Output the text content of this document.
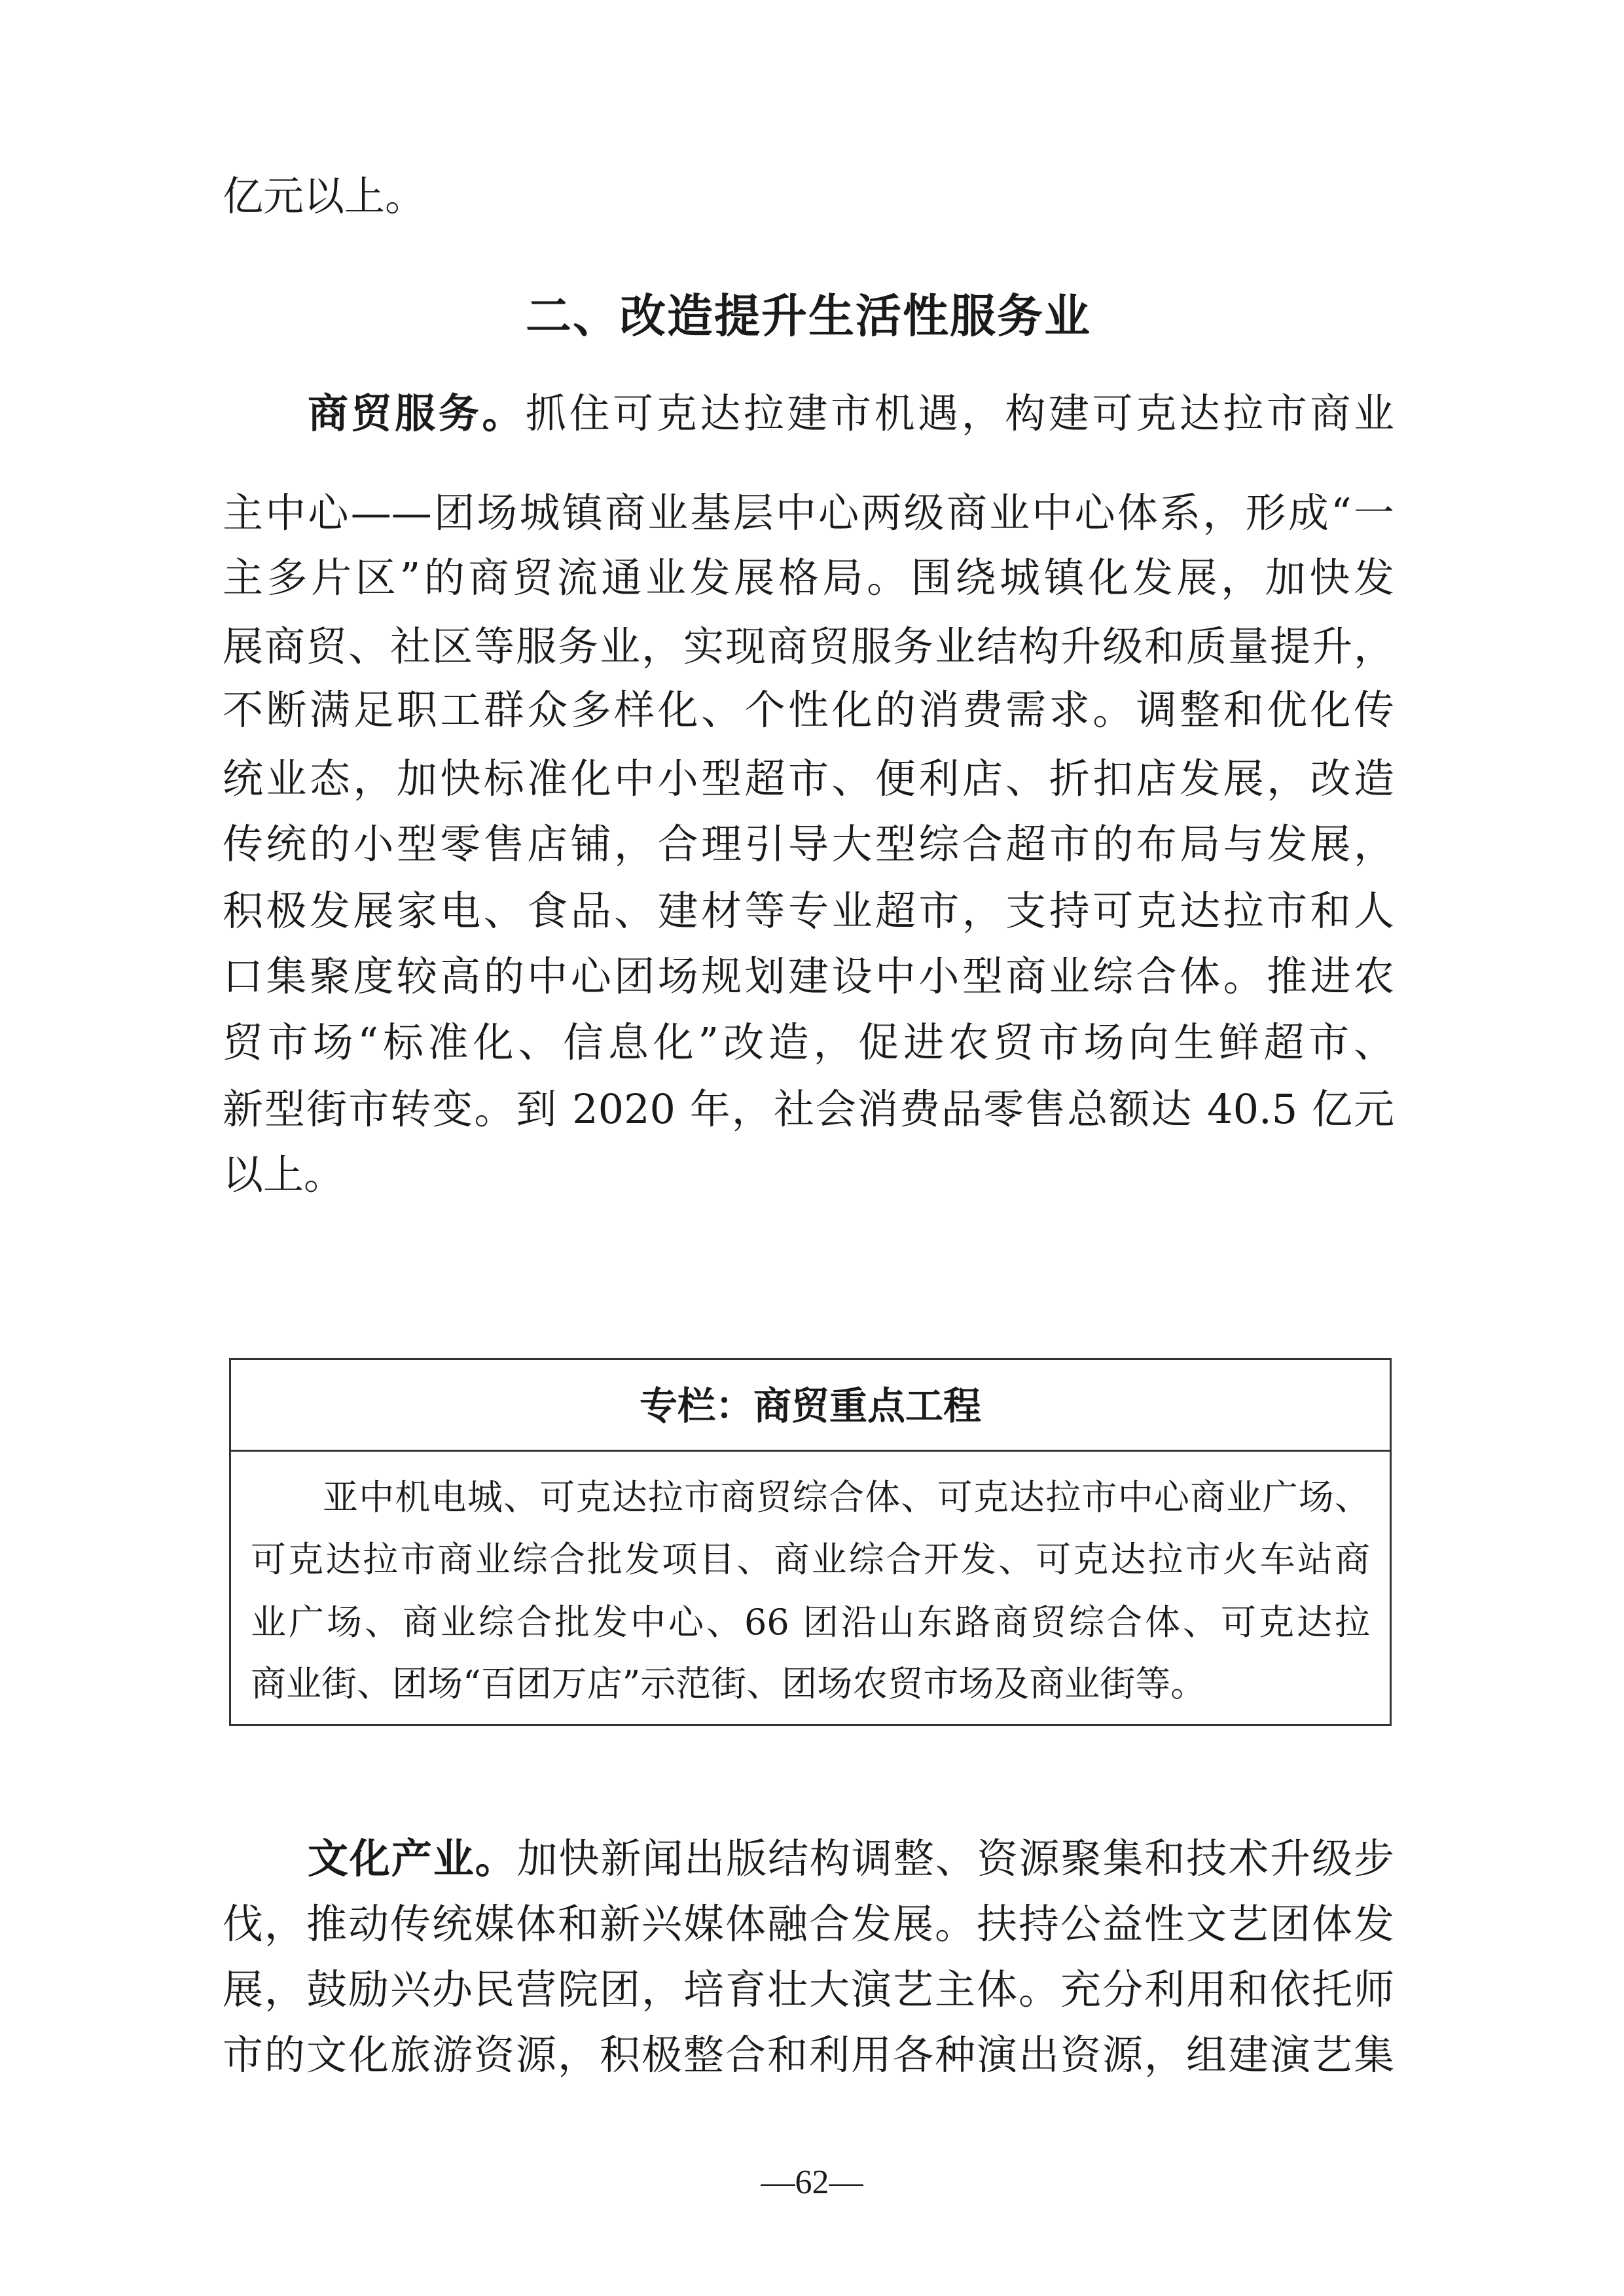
亿元以上。
二、改造提升生活性服务业
商贸服务。抓住可克达拉建市机遇，构建可克达拉市商业
主中心——团场城镇商业基层中心两级商业中心体系，形成“一
主多片区”的商贸流通业发展格局。围绕城镇化发展，加快发
展商贸、社区等服务业，实现商贸服务业结构升级和质量提升，
不断满足职工群众多样化、个性化的消费需求。调整和优化传
统业态，加快标准化中小型超市、便利店、折扣店发展，改造
传统的小型零售店铺，合理引导大型综合超市的布局与发展，
积极发展家电、食品、建材等专业超市，支持可克达拉市和人
口集聚度较高的中心团场规划建设中小型商业综合体。推进农
贸市场“标准化、信息化”改造，促进农贸市场向生鲜超市、
新型街市转变。到 2020 年，社会消费品零售总额达 40.5 亿元
以上。
专栏：商贸重点工程
亚中机电城、可克达拉市商贸综合体、可克达拉市中心商业广场、
可克达拉市商业综合批发项目、商业综合开发、可克达拉市火车站商
业广场、商业综合批发中心、66 团沿山东路商贸综合体、可克达拉
商业街、团场“百团万店”示范街、团场农贸市场及商业街等。
文化产业。加快新闻出版结构调整、资源聚集和技术升级步
伐，推动传统媒体和新兴媒体融合发展。扶持公益性文艺团体发
展，鼓励兴办民营院团，培育壮大演艺主体。充分利用和依托师
市的文化旅游资源，积极整合和利用各种演出资源，组建演艺集
—62—
